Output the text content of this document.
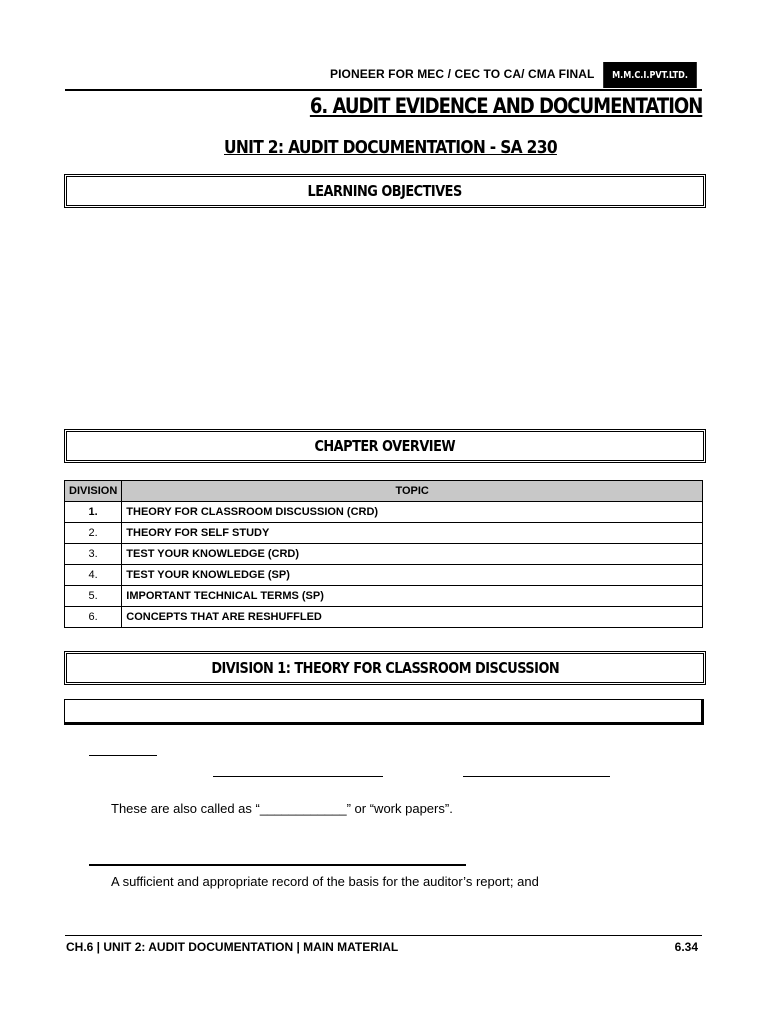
PIONEER FOR MEC / CEC TO CA/ CMA FINAL	M.M.C.I.PVT.LTD.
6. AUDIT EVIDENCE AND DOCUMENTATION
UNIT 2: AUDIT DOCUMENTATION - SA 230
LEARNING OBJECTIVES
CHAPTER OVERVIEW
DIVISION	TOPIC
1.	THEORY FOR CLASSROOM DISCUSSION (CRD)
2.	THEORY FOR SELF STUDY
3.	TEST YOUR KNOWLEDGE (CRD)
4.	TEST YOUR KNOWLEDGE (SP)
5.	IMPORTANT TECHNICAL TERMS (SP)
6.	CONCEPTS THAT ARE RESHUFFLED
​
DIVISION 1: THEORY FOR CLASSROOM DISCUSSION
These are also called as “____________” or “work papers”.
A sufficient and appropriate record of the basis for the auditor’s report; and
CH.6 | UNIT 2: AUDIT DOCUMENTATION | MAIN MATERIAL	6.34
